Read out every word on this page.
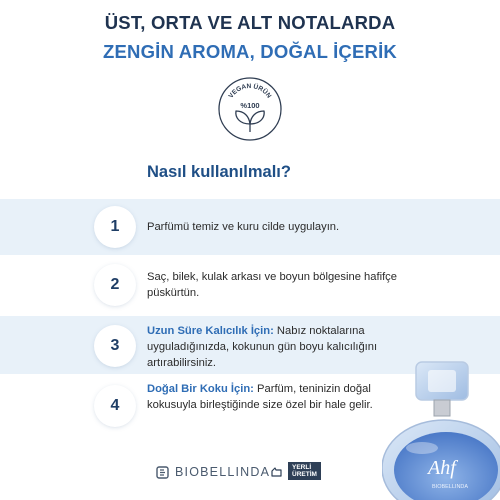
ÜST, ORTA VE ALT NOTALARDA
ZENGİN AROMA, DOĞAL İÇERİK
VEGAN ÜRÜN
%100
Nasıl kullanılmalı?
1	Parfümü temiz ve kuru cilde uygulayın.
2	Saç, bilek, kulak arkası ve boyun bölgesine hafifçe püskürtün.
3
Uzun Süre Kalıcılık İçin: Nabız noktalarına uyguladığınızda, kokunun gün boyu kalıcılığını artırabilirsiniz.
4
Doğal Bir Koku İçin: Parfüm, teninizin doğal kokusuyla birleştiğinde size özel bir hale gelir.
Ahf
BIOBELLINDA
BIOBELLINDA	YERLİ
ÜRETİM
